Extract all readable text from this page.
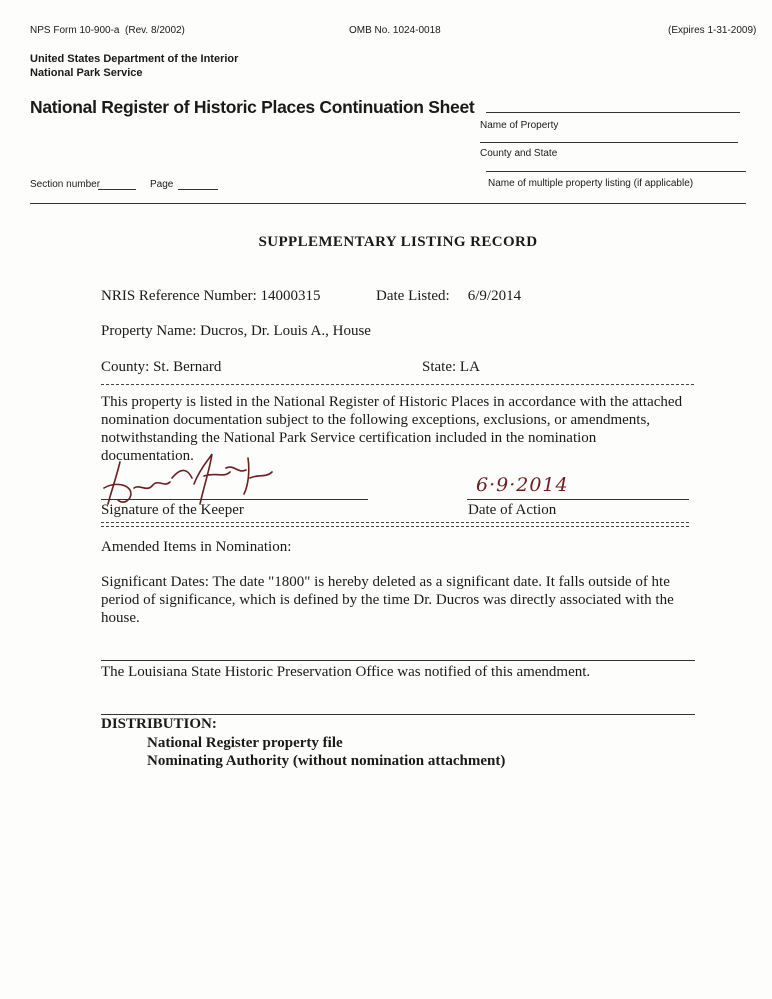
NPS Form 10-900-a (Rev. 8/2002)	OMB No. 1024-0018	(Expires 1-31-2009)
United States Department of the Interior
National Park Service
National Register of Historic Places Continuation Sheet
Name of Property
County and State
Name of multiple property listing (if applicable)
Section number	Page
SUPPLEMENTARY LISTING RECORD
NRIS Reference Number: 14000315	Date Listed: 6/9/2014
Property Name: Ducros, Dr. Louis A., House
County: St. Bernard	State: LA
This property is listed in the National Register of Historic Places in accordance with the attached
nomination documentation subject to the following exceptions, exclusions, or amendments,
notwithstanding the National Park Service certification included in the nomination
documentation.
Signature of the Keeper
6·9·2014
Date of Action
Amended Items in Nomination:
Significant Dates: The date "1800" is hereby deleted as a significant date. It falls outside of hte
period of significance, which is defined by the time Dr. Ducros was directly associated with the
house.
The Louisiana State Historic Preservation Office was notified of this amendment.
DISTRIBUTION:
National Register property file
Nominating Authority (without nomination attachment)
